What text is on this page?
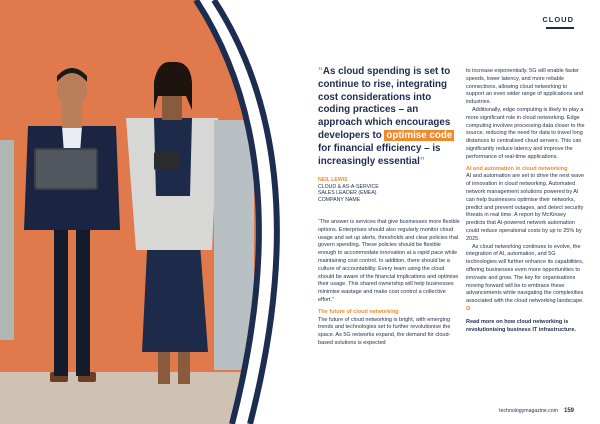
CLOUD
“As cloud spending is set to continue to rise, integrating cost considerations into coding practices – an approach which encourages developers to optimise code for financial efficiency – is increasingly essential”
NEIL LEWIS
CLOUD & AS-A-SERVICE
SALES LEADER (EMEA)
COMPANY NAME

“The answer is services that give businesses more flexible options. Enterprises should also regularly monitor cloud usage and set up alerts, thresholds and clear policies that govern spending. These policies should be flexible enough to accommodate innovation at a rapid pace while maintaining cost control. In addition, there should be a culture of accountability. Every team using the cloud should be aware of the financial implications and optimise their usage. This shared ownership will help businesses minimise wastage and make cost control a collective effort.”

The future of cloud networking

The future of cloud networking is bright, with emerging trends and technologies set to further revolutionise the space. As 5G networks expand, the demand for cloud-based solutions is expected

to increase exponentially. 5G will enable faster speeds, lower latency, and more reliable connections, allowing cloud networking to support an even wider range of applications and industries.

Additionally, edge computing is likely to play a more significant role in cloud networking. Edge computing involves processing data closer to the source, reducing the need for data to travel long distances to centralised cloud servers. This can significantly reduce latency and improve the performance of real-time applications.

AI and automation in cloud networking

AI and automation are set to drive the next wave of innovation in cloud networking. Automated network management solutions powered by AI can help businesses optimise their networks, predict and prevent outages, and detect security threats in real time. A report by McKinsey predicts that AI-powered network automation could reduce operational costs by up to 25% by 2025.

As cloud networking continues to evolve, the integration of AI, automation, and 5G technologies will further enhance its capabilities, offering businesses even more opportunities to innovate and grow. The key for organisations moving forward will be to embrace these advancements while navigating the complexities associated with the cloud networking landscape. ✪

Read more on how cloud networking is revolutionising business IT infrastructure.

technologymagazine.com 159
